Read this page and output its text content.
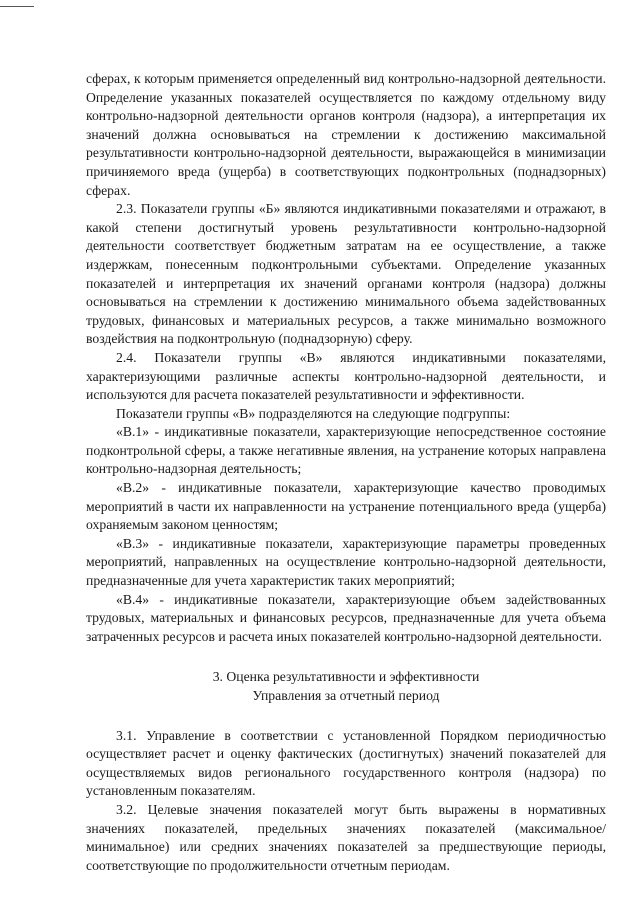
сферах, к которым применяется определенный вид контрольно-надзорной деятельности. Определение указанных показателей осуществляется по каждому отдельному виду контрольно-надзорной деятельности органов контроля (надзора), а интерпретация их значений должна основываться на стремлении к достижению максимальной результативности контрольно-надзорной деятельности, выражающейся в минимизации причиняемого вреда (ущерба) в соответствующих подконтрольных (поднадзорных) сферах.

2.3. Показатели группы «Б» являются индикативными показателями и отражают, в какой степени достигнутый уровень результативности контрольно-надзорной деятельности соответствует бюджетным затратам на ее осуществление, а также издержкам, понесенным подконтрольными субъектами. Определение указанных показателей и интерпретация их значений органами контроля (надзора) должны основываться на стремлении к достижению минимального объема задействованных трудовых, финансовых и материальных ресурсов, а также минимально возможного воздействия на подконтрольную (поднадзорную) сферу.

2.4. Показатели группы «В» являются индикативными показателями, характеризующими различные аспекты контрольно-надзорной деятельности, и используются для расчета показателей результативности и эффективности.

Показатели группы «В» подразделяются на следующие подгруппы:

«В.1» - индикативные показатели, характеризующие непосредственное состояние подконтрольной сферы, а также негативные явления, на устранение которых направлена контрольно-надзорная деятельность;

«В.2» - индикативные показатели, характеризующие качество проводимых мероприятий в части их направленности на устранение потенциального вреда (ущерба) охраняемым законом ценностям;

«В.3» - индикативные показатели, характеризующие параметры проведенных мероприятий, направленных на осуществление контрольно-надзорной деятельности, предназначенные для учета характеристик таких мероприятий;

«В.4» - индикативные показатели, характеризующие объем задействованных трудовых, материальных и финансовых ресурсов, предназначенные для учета объема затраченных ресурсов и расчета иных показателей контрольно-надзорной деятельности.

3. Оценка результативности и эффективности
Управления за отчетный период

3.1. Управление в соответствии с установленной Порядком периодичностью осуществляет расчет и оценку фактических (достигнутых) значений показателей для осуществляемых видов регионального государственного контроля (надзора) по установленным показателям.

3.2. Целевые значения показателей могут быть выражены в нормативных значениях показателей, предельных значениях показателей (максимальное/минимальное) или средних значениях показателей за предшествующие периоды, соответствующие по продолжительности отчетным периодам.
